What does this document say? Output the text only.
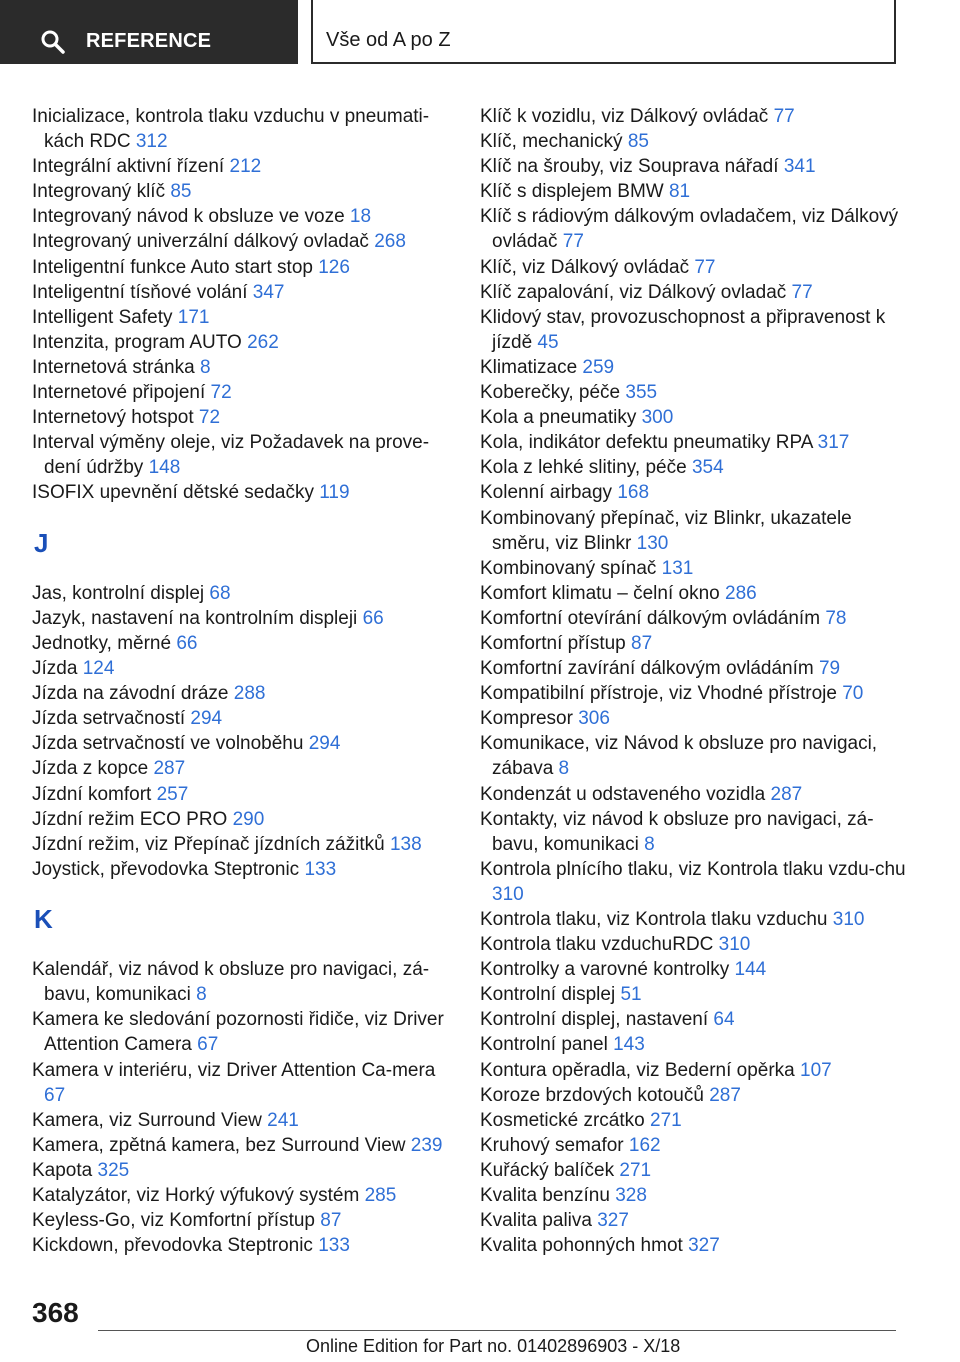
REFERENCE	Vše od A po Z
Inicializace, kontrola tlaku vzduchu v pneumati‐kách RDC 312
Integrální aktivní řízení 212
Integrovaný klíč 85
Integrovaný návod k obsluze ve voze 18
Integrovaný univerzální dálkový ovladač 268
Inteligentní funkce Auto start stop 126
Inteligentní tísňové volání 347
Intelligent Safety 171
Intenzita, program AUTO 262
Internetová stránka 8
Internetové připojení 72
Internetový hotspot 72
Interval výměny oleje, viz Požadavek na prove‐dení údržby 148
ISOFIX upevnění dětské sedačky 119
J
Jas, kontrolní displej 68
Jazyk, nastavení na kontrolním displeji 66
Jednotky, měrné 66
Jízda 124
Jízda na závodní dráze 288
Jízda setrvačností 294
Jízda setrvačností ve volnoběhu 294
Jízda z kopce 287
Jízdní komfort 257
Jízdní režim ECO PRO 290
Jízdní režim, viz Přepínač jízdních zážitků 138
Joystick, převodovka Steptronic 133
K
Kalendář, viz návod k obsluze pro navigaci, zá‐bavu, komunikaci 8
Kamera ke sledování pozornosti řidiče, viz Driver Attention Camera 67
Kamera v interiéru, viz Driver Attention Ca‐mera 67
Kamera, viz Surround View 241
Kamera, zpětná kamera, bez Surround View 239
Kapota 325
Katalyzátor, viz Horký výfukový systém 285
Keyless-Go, viz Komfortní přístup 87
Kickdown, převodovka Steptronic 133
Klíč k vozidlu, viz Dálkový ovládač 77
Klíč, mechanický 85
Klíč na šrouby, viz Souprava nářadí 341
Klíč s displejem BMW 81
Klíč s rádiovým dálkovým ovladačem, viz Dálkový ovládač 77
Klíč, viz Dálkový ovládač 77
Klíč zapalování, viz Dálkový ovladač 77
Klidový stav, provozuschopnost a připravenost k jízdě 45
Klimatizace 259
Koberečky, péče 355
Kola a pneumatiky 300
Kola, indikátor defektu pneumatiky RPA 317
Kola z lehké slitiny, péče 354
Kolenní airbagy 168
Kombinovaný přepínač, viz Blinkr, ukazatele směru, viz Blinkr 130
Kombinovaný spínač 131
Komfort klimatu – čelní okno 286
Komfortní otevírání dálkovým ovládáním 78
Komfortní přístup 87
Komfortní zavírání dálkovým ovládáním 79
Kompatibilní přístroje, viz Vhodné přístroje 70
Kompresor 306
Komunikace, viz Návod k obsluze pro navigaci, zábava 8
Kondenzát u odstaveného vozidla 287
Kontakty, viz návod k obsluze pro navigaci, zá‐bavu, komunikaci 8
Kontrola plnícího tlaku, viz Kontrola tlaku vzdu‐chu 310
Kontrola tlaku, viz Kontrola tlaku vzduchu 310
Kontrola tlaku vzduchuRDC 310
Kontrolky a varovné kontrolky 144
Kontrolní displej 51
Kontrolní displej, nastavení 64
Kontrolní panel 143
Kontura opěradla, viz Bederní opěrka 107
Koroze brzdových kotoučů 287
Kosmetické zrcátko 271
Kruhový semafor 162
Kuřácký balíček 271
Kvalita benzínu 328
Kvalita paliva 327
Kvalita pohonných hmot 327
368
Online Edition for Part no. 01402896903 - X/18
